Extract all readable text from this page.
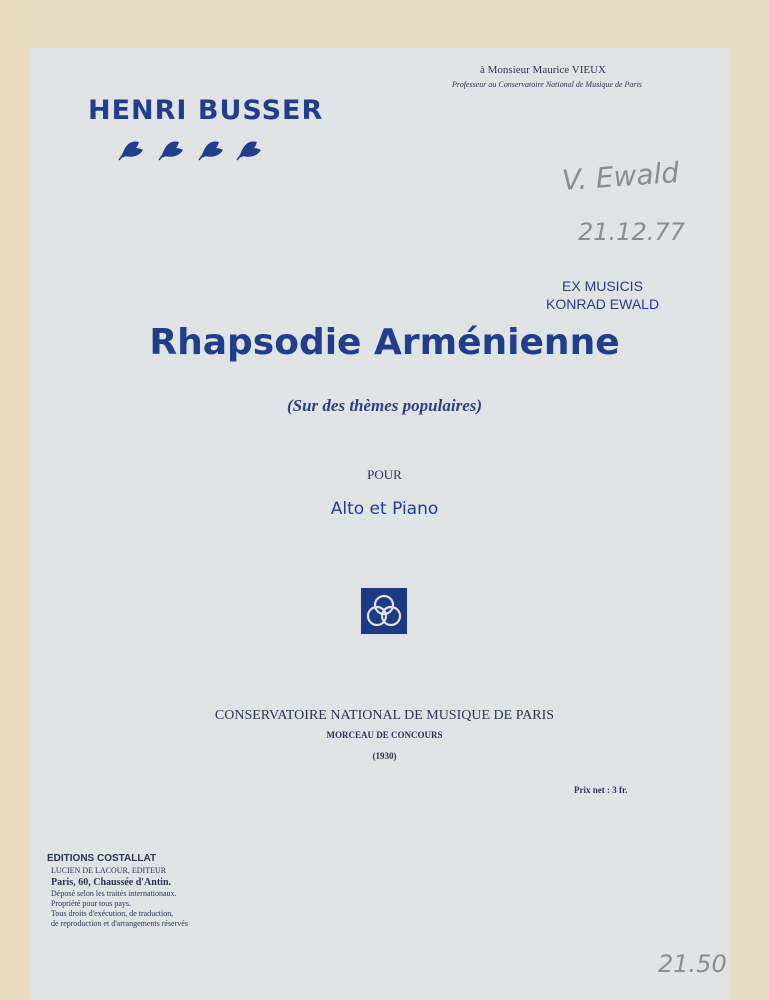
à Monsieur Maurice VIEUX
Professeur au Conservatoire National de Musique de Paris
HENRI BUSSER
V. Ewald
21.12.77
EX MUSICIS
KONRAD EWALD
Rhapsodie Arménienne
(Sur des thèmes populaires)
POUR
Alto et Piano
CONSERVATOIRE NATIONAL DE MUSIQUE DE PARIS
MORCEAU DE CONCOURS
(1930)
Prix net : 3 fr.
EDITIONS COSTALLAT
LUCIEN DE LACOUR, EDITEUR
Paris, 60, Chaussée d'Antin.
Déposé selon les traités internationaux.
Propriété pour tous pays.
Tous droits d'exécution, de traduction,
de reproduction et d'arrangements réservés
21.50
